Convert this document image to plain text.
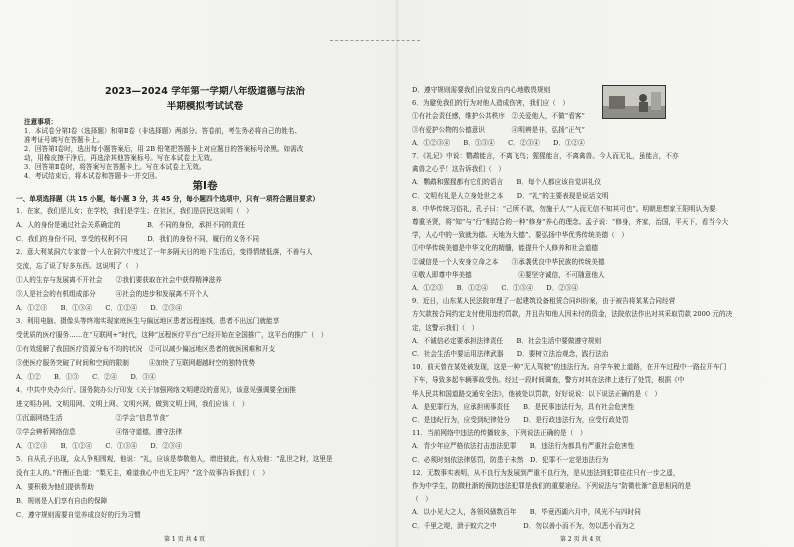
2023—2024 学年第一学期八年级道德与法治
半期模拟考试试卷
注意事项：
1．本试卷分第Ⅰ卷（选择题）和第Ⅱ卷（非选择题）两部分。答卷前，考生务必将自己的姓名、
准考证号填写在答题卡上。
2．回答第Ⅰ卷时，选出每小题答案后，用 2B 铅笔把答题卡上对应题目的答案标号涂黑。如需改
动，用橡皮擦干净后，再选涂其他答案标号。写在本试卷上无效。
3．回答第Ⅱ卷时，将答案写在答题卡上。写在本试卷上无效。
4．考试结束后，将本试卷和答题卡一并交回。
第Ⅰ卷
一、单项选择题（共 15 小题，每小题 3 分，共 45 分，每小题四个选项中，只有一项符合题目要求）
1．在家，我们是儿女；在学校，我们是学生；在社区，我们是居民这说明（　）
A．人的身份是通过社会关系确定的　　　　B．不同的身份，承担不同的责任
C．我们的身份不同，享受的权利不同　　　D．我们的身份不同，履行的义务不同
2．意大利某洞穴专家曾一个人在洞穴中度过了一年多隔天日的地下生活后，变得情绪低落，不善与人
交流，忘了说了好多东西。这说明了（　）
①人的生存与发展离不开社会　　②我们要获取在社会中获得精神滋养
③人是社会的有机组成部分　　　④社会的进步和发展离不开个人
A．①②③　　B．①③④　　C．①②④　　D．②③④
3．利用电脑、摄像头等终端实现家庭医生与偏远地区患者远程连线，患者不出远门就能享
受优质的医疗服务……在“互联网+”时代，这种“远程医疗平台”已经开始在全国推广，这平台的推广（　）
①有效缓解了我国医疗资源分布不均的状况　②可以减少偏远地区患者的就医困难和开支
③使医疗服务突破了时间和空间的限制　　　④加快了互联网超越时空的独特优势
A．①②　　B．①③　　C．②④　　D．③④
4．中共中央办公厅、国务院办公厅印发《关于加强网络文明建设的意见》，该意见强调要全面推
进文明办网、文明用网、文明上网、文明兴网，做到文明上网，我们应该（　）
①沉溺网络生活　　　　　　　　②学会“信息节食”
③学会辨析网络信息　　　　　　④恪守道德，遵守法律
A．①②③　　B．①②④　　C．①③④　　D．②③④
5．自从孔子出现，众人争相围观，他说：“礼，应该是恭敬他人，增进彼此，有人劝他：“乱世之时，这里是
没有主人的。”许衡正色道：“梨无主，难道我心中也无主吗？”这个故事告诉我们（　）
A．要积极为他们提供帮助
B．规则是人们享有自由的保障
C．遵守规则需要自觉养成良好的行为习惯
D．遵守规则需要我们自觉发自内心地敬畏规则
6．为避免我们的行为对他人造成伤害，我们应（　）
①有社会责任感，维护公共秩序　②关爱他人，不做“看客”
③有爱护公物的公德意识　　　　④明辨是非，弘扬“正气”
A．①②③④　　B．①③④　　C．②③④　　D．①②④
7．《礼记》中说：鹦鹉能言，不离飞鸟；猩猩能言，不离禽兽。今人而无礼，虽能言，不亦
禽兽之心乎！这告诉我们（　）
A．鹦鹉和猩猩都有它们的语言　　B．每个人都应该自觉讲礼仪
C．文明有礼是人立身处世之本　　D．“礼”的主要表现是说话文明
8．中华传统习俗礼，孔子曰：“己所不欲，勿施于人”“人而无信不知其可也”。明朝思想家王阳明认为要
尊重圣贤，将“知”与“行”相结合的一种“修身”养心的理念。孟子说：“修身，齐家，治国，平天下，看当今大
学，人心中的一致就为德、天地为大德”、要弘扬中华优秀传统美德（　）
①中华传统美德是中华文化的精髓，能提升个人修养和社会道德
②诚信是一个人安身立命之本　　③承袭优良中华民族的传统美德
④敬人即尊中华美德　　　　　　　④要坚守诚信，不可随意他人
A．①②③　　B．①②④　　C．①③④　　D．②③④
9．近日，山东某人民法院审理了一起建筑设备租赁合同纠纷案，由于被告将某某合同经营
方欠款按合同约定支付使用违约罚款，并且告知他人因未付的资金，法院依法作出对其采取罚款 2000 元的决
定，这警示我们（　）
A．不诚信必定要承担法律责任　　B．社会生活中要做遵守规则
C．社会生活中要运用法律武器　　D．要树立法治观念，践行法治
10．前天曾在某处被发现，这是一种“无人驾驶”的违法行为。自学车驶上道路，在开车过程中一路拉开车门
下车，导致多起车辆事故受伤。经过一段时间调查，警方对其在法律上进行了处罚，根据《中
华人民共和国道路交通安全法》，他被处以罚款，好好说说：以下说法正确的是（　）
A．是犯罪行为，应承担刑事责任　　B．是民事违法行为，具有社会危害性
C．是违纪行为，应受到纪律处分　　D．是行政违法行为，应受行政处罚
11．当前网络中违法的传播较多，下列说法正确的是（　）
A．青少年应严格依法打击违法犯罪　　B．违法行为都具有严重社会危害性
C．必须时刻依法律惩罚，防患于未然　D．犯罪不一定是违法行为
12．无数事实表明，从不良行为发展到严重不良行为，是从违法到犯罪往往只有一步之遥，
作为中学生，防微杜渐的预防违法犯罪是我们的重要途径。下列说法与“防微杜渐”意思相同的是
（　）
A．以小见大之人，各领风骚数百年　　B．毕竟西湖六月中，风光不与四时同
C．千里之堤，溃于蚁穴之中　　　　D．勿以善小而不为，勿以恶小而为之
第 1 页 共 4 页	第 2 页 共 4 页
